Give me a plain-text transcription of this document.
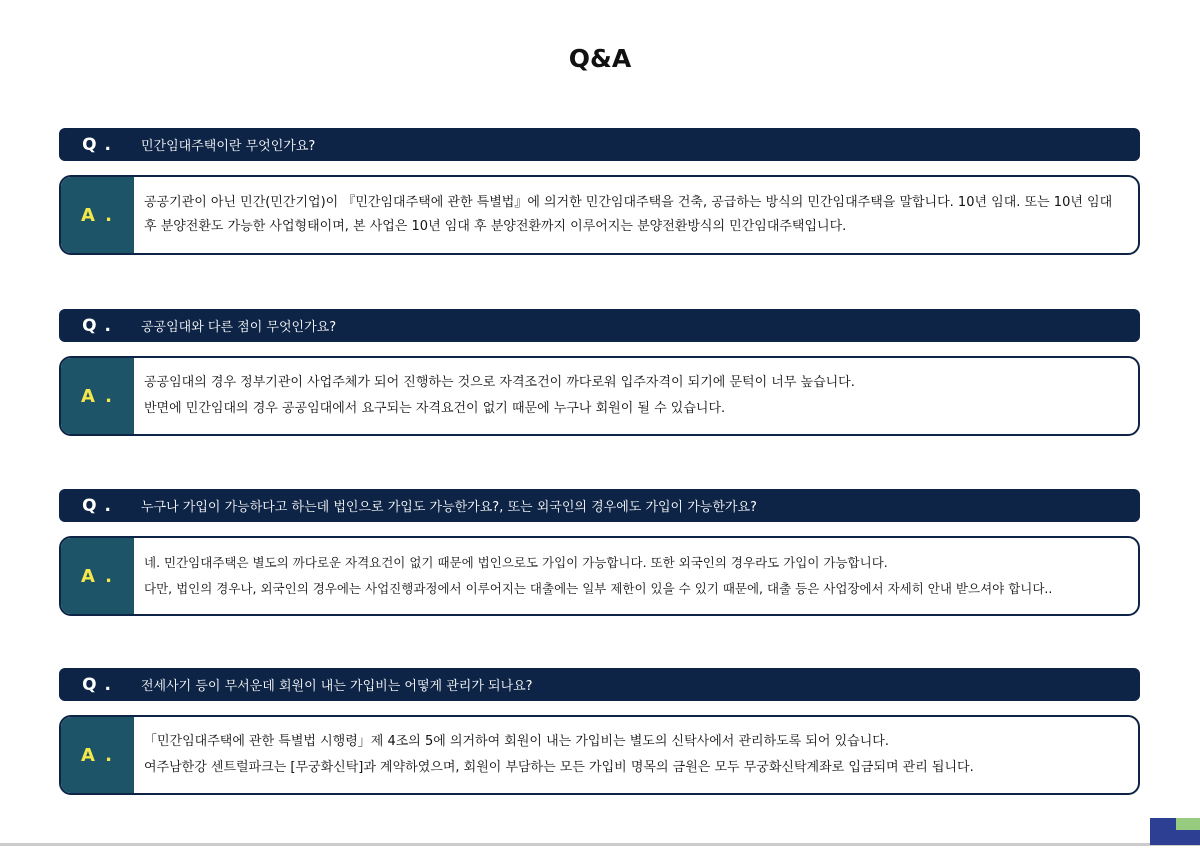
Q&A
Q .	민간임대주택이란 무엇인가요?
A .
공공기관이 아닌 민간(민간기업)이 『민간임대주택에 관한 특별법』에 의거한 민간임대주택을 건축, 공급하는 방식의 민간임대주택을 말합니다. 10년 임대. 또는 10년 임대 후 분양전환도 가능한 사업형태이며, 본 사업은 10년 임대 후 분양전환까지 이루어지는 분양전환방식의 민간임대주택입니다.
Q .	공공임대와 다른 점이 무엇인가요?
A .
공공임대의 경우 정부기관이 사업주체가 되어 진행하는 것으로 자격조건이 까다로워 입주자격이 되기에 문턱이 너무 높습니다.
반면에 민간임대의 경우 공공임대에서 요구되는 자격요건이 없기 때문에 누구나 회원이 될 수 있습니다.
Q .	누구나 가입이 가능하다고 하는데 법인으로 가입도 가능한가요?, 또는 외국인의 경우에도 가입이 가능한가요?
A .
네. 민간임대주택은 별도의 까다로운 자격요건이 없기 때문에 법인으로도 가입이 가능합니다. 또한 외국인의 경우라도 가입이 가능합니다.
다만, 법인의 경우나, 외국인의 경우에는 사업진행과정에서 이루어지는 대출에는 일부 제한이 있을 수 있기 때문에, 대출 등은 사업장에서 자세히 안내 받으셔야 합니다..
Q .	전세사기 등이 무서운데 회원이 내는 가입비는 어떻게 관리가 되나요?
A .
「민간임대주택에 관한 특별법 시행령」제 4조의 5에 의거하여 회원이 내는 가입비는 별도의 신탁사에서 관리하도록 되어 있습니다.
여주남한강 센트럴파크는 [무궁화신탁]과 계약하였으며, 회원이 부담하는 모든 가입비 명목의 금원은 모두 무궁화신탁계좌로 입금되며 관리 됩니다.
